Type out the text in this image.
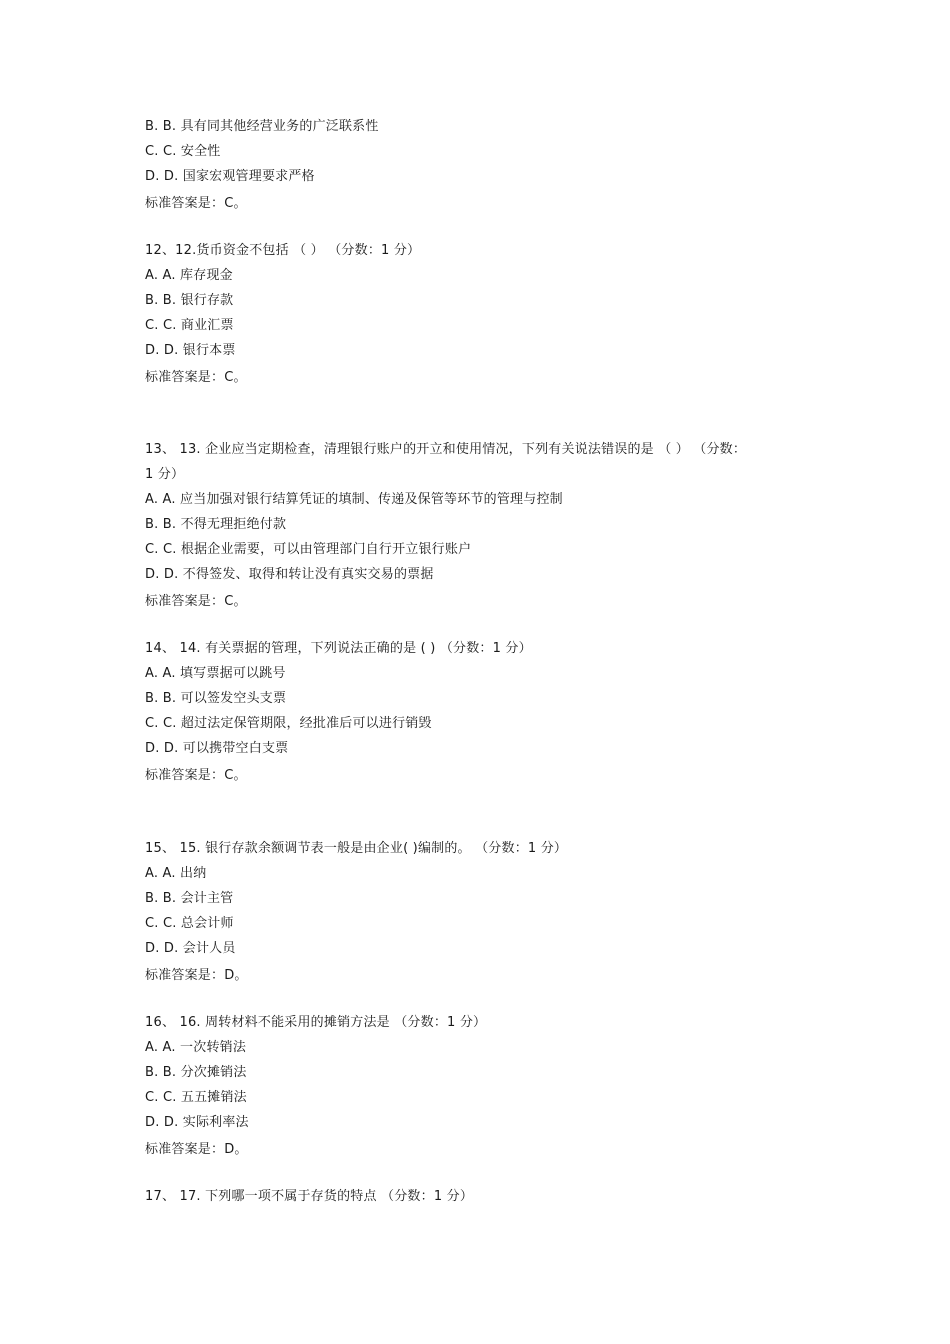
B. B. 具有同其他经营业务的广泛联系性
C. C. 安全性
D. D. 国家宏观管理要求严格
标准答案是：C。
12、12.货币资金不包括 （ ） （分数：1 分）
A. A. 库存现金
B. B. 银行存款
C. C. 商业汇票
D. D. 银行本票
标准答案是：C。
13、 13. 企业应当定期检查，清理银行账户的开立和使用情况，下列有关说法错误的是 （ ） （分数：
1 分）
A. A. 应当加强对银行结算凭证的填制、传递及保管等环节的管理与控制
B. B. 不得无理拒绝付款
C. C. 根据企业需要，可以由管理部门自行开立银行账户
D. D. 不得签发、取得和转让没有真实交易的票据
标准答案是：C。
14、 14. 有关票据的管理，下列说法正确的是 ( ) （分数：1 分）
A. A. 填写票据可以跳号
B. B. 可以签发空头支票
C. C. 超过法定保管期限，经批准后可以进行销毁
D. D. 可以携带空白支票
标准答案是：C。
15、 15. 银行存款余额调节表一般是由企业( )编制的。 （分数：1 分）
A. A. 出纳
B. B. 会计主管
C. C. 总会计师
D. D. 会计人员
标准答案是：D。
16、 16. 周转材料不能采用的摊销方法是 （分数：1 分）
A. A. 一次转销法
B. B. 分次摊销法
C. C. 五五摊销法
D. D. 实际利率法
标准答案是：D。
17、 17. 下列哪一项不属于存货的特点 （分数：1 分）
